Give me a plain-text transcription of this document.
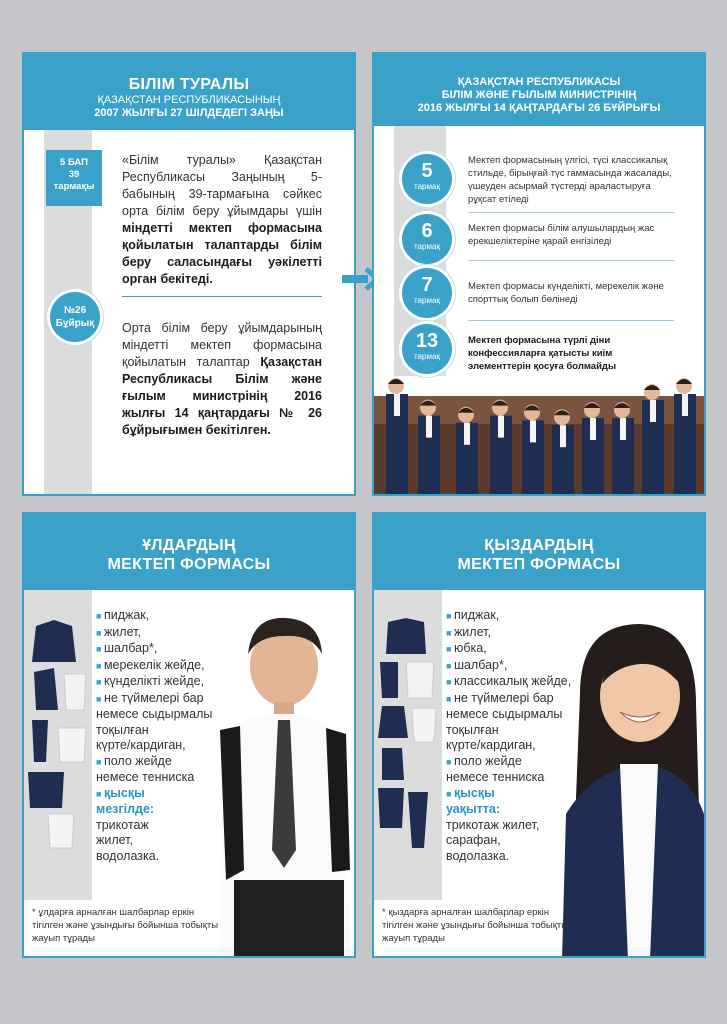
БІЛІМ ТУРАЛЫ
ҚАЗАҚСТАН РЕСПУБЛИКАСЫНЫҢ
2007 ЖЫЛҒЫ 27 ШІЛДЕДЕГІ ЗАҢЫ
5 БАП
39
тармақы
«Білім туралы» Қазақстан Республикасы Заңының 5-бабының 39-тармағына сәйкес орта білім беру ұйымдары үшін міндетті мектеп формасына қойылатын талаптарды білім беру саласындағы уәкілетті орган бекітеді.
№26
Бұйрық	Орта білім беру ұйымдарының міндетті мектеп формасына қойылатын талаптар Қазақстан Республикасы Білім және ғылым министрінің 2016 жылғы 14 қаңтардағы № 26 бұйрығымен бекітілген.
ҚАЗАҚСТАН РЕСПУБЛИКАСЫ
БІЛІМ ЖӘНЕ ҒЫЛЫМ МИНИСТРІНІҢ
2016 ЖЫЛҒЫ 14 ҚАҢТАРДАҒЫ 26 БҰЙРЫҒЫ
5
тармақ
Мектеп формасының үлгісі, түсі классикалық стильде, бірыңғай түс гаммасында жасалады, үшеуден асырмай түстерді араластыруға рұқсат етіледі
6
тармақ
Мектеп формасы білім алушылардың жас ерекшеліктеріне қарай енгізіледі
7
тармақ
Мектеп формасы күнделікті, мерекелік және спорттық болып бөлінеді
13
тармақ
Мектеп формасына түрлі діни конфессияларға қатысты киім элементтерін қосуға болмайды
ҰЛДАРДЫҢ
МЕКТЕП ФОРМАСЫ
■ пиджак,
■ жилет,
■ шалбар*,
■ мерекелік жейде,
■ күнделікті жейде,
■ не түймелері бар
немесе сыдырмалы
тоқылған
күрте/кардиган,
■ поло жейде
немесе тенниска
■ қысқы
мезгілде:
трикотаж
жилет,
водолазка.
* ұлдарға арналған шалбарлар еркін тігілген және ұзындығы бойынша тобықты жауып тұрады
ҚЫЗДАРДЫҢ
МЕКТЕП ФОРМАСЫ
■ пиджак,
■ жилет,
■ юбка,
■ шалбар*,
■ классикалық жейде,
■ не түймелері бар
немесе сыдырмалы
тоқылған
күрте/кардиган,
■ поло жейде
немесе тенниска
■ қысқы
уақытта:
трикотаж жилет,
сарафан,
водолазка.
* қыздарға арналған шалбарлар еркін тігілген және ұзындығы бойынша тобықты жауып тұрады
